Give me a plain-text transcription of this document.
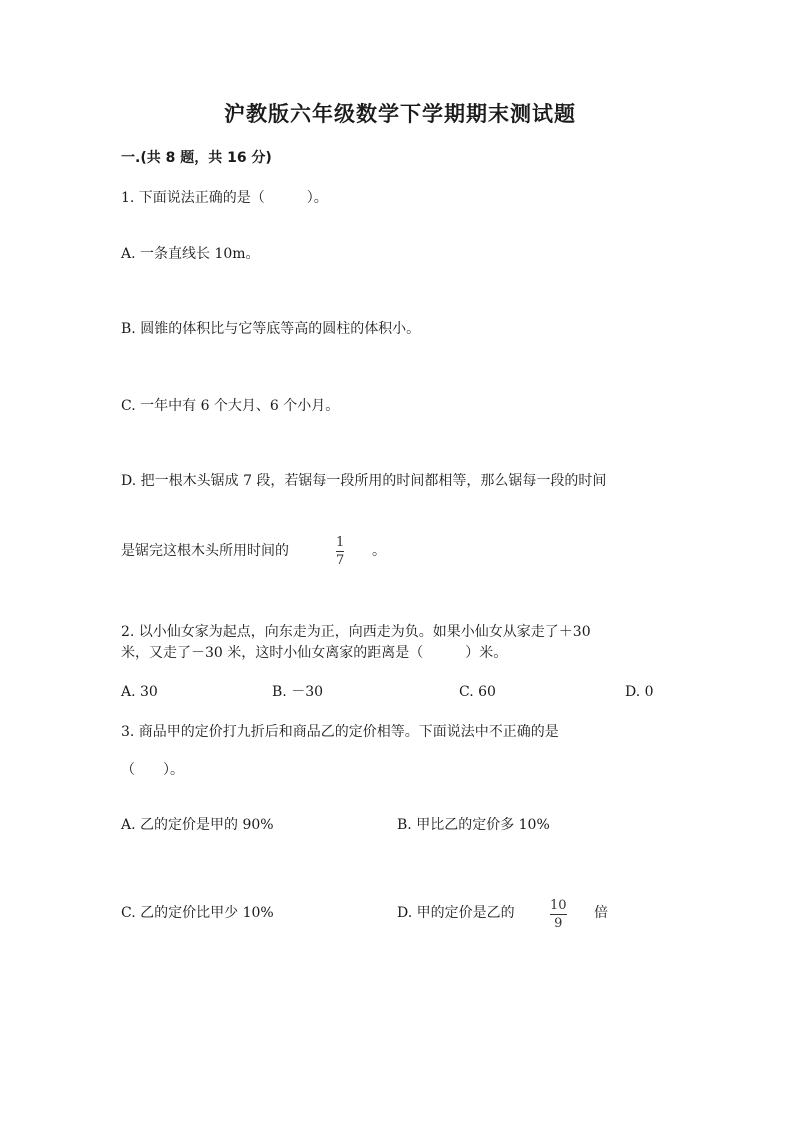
沪教版六年级数学下学期期末测试题
一.(共 8 题，共 16 分)
1. 下面说法正确的是（　　　）。
A. 一条直线长 10m。
B. 圆锥的体积比与它等底等高的圆柱的体积小。
C. 一年中有 6 个大月、6 个小月。
D. 把一根木头锯成 7 段，若锯每一段所用的时间都相等，那么锯每一段的时间
是锯完这根木头所用时间的
1
7
。
2. 以小仙女家为起点，向东走为正，向西走为负。如果小仙女从家走了＋30
米，又走了－30 米，这时小仙女离家的距离是（　　　）米。
A. 30	B. －30	C. 60	D. 0
3. 商品甲的定价打九折后和商品乙的定价相等。下面说法中不正确的是
（　　）。
A. 乙的定价是甲的 90%	B. 甲比乙的定价多 10%
C. 乙的定价比甲少 10%	D. 甲的定价是乙的	10
9
倍
